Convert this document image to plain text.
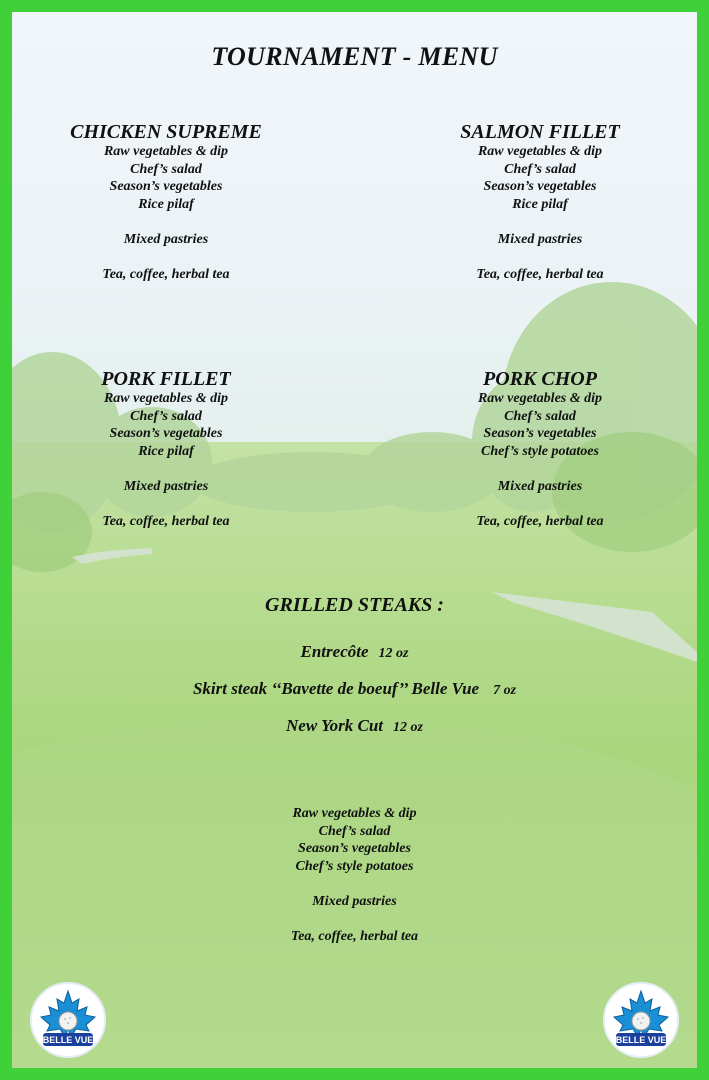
TOURNAMENT - MENU
CHICKEN SUPREME
Raw vegetables & dip
Chef’s salad
Season’s vegetables
Rice pilaf
Mixed pastries
Tea, coffee, herbal tea
SALMON FILLET
Raw vegetables & dip
Chef’s salad
Season’s vegetables
Rice pilaf
Mixed pastries
Tea, coffee, herbal tea
PORK FILLET
Raw vegetables & dip
Chef’s salad
Season’s vegetables
Rice pilaf
Mixed pastries
Tea, coffee, herbal tea
PORK CHOP
Raw vegetables & dip
Chef’s salad
Season’s vegetables
Chef’s style potatoes
Mixed pastries
Tea, coffee, herbal tea
GRILLED STEAKS :
Entrecôte 12 oz
Skirt steak ‘‘Bavette de boeuf’’ Belle Vue 7 oz
New York Cut 12 oz
Raw vegetables & dip
Chef’s salad
Season’s vegetables
Chef’s style potatoes
Mixed pastries
Tea, coffee, herbal tea
BELLE VUE	BELLE VUE
